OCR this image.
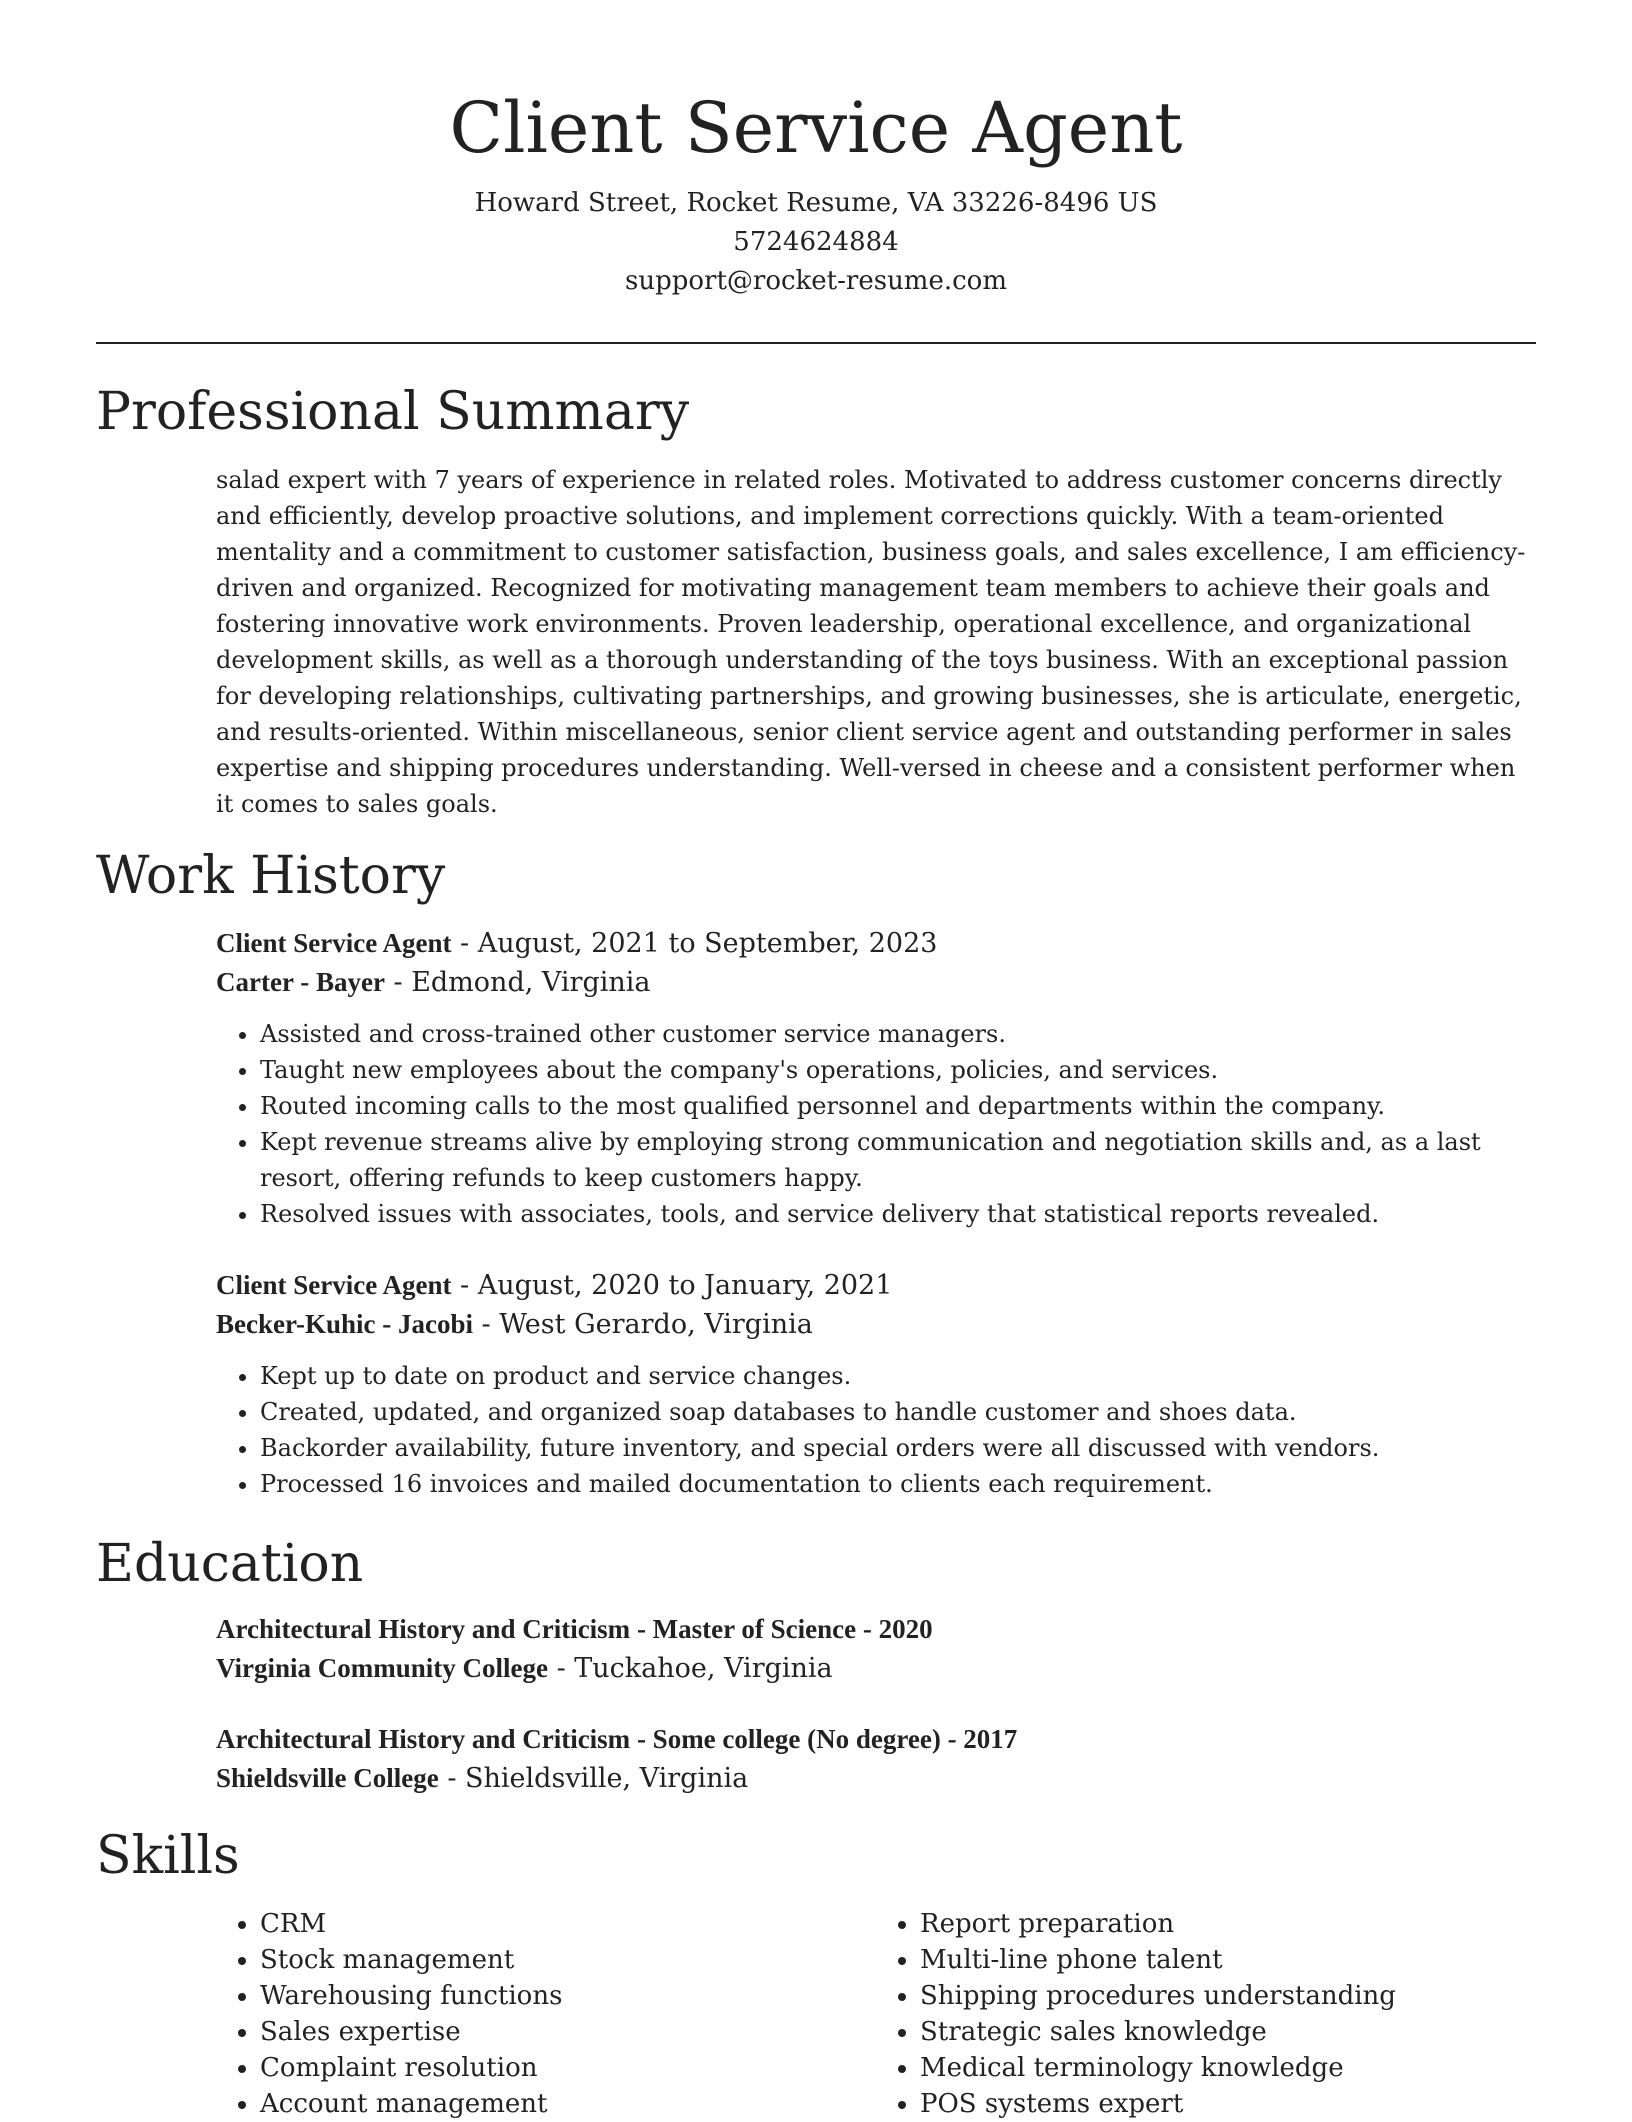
Client Service Agent
Howard Street, Rocket Resume, VA 33226-8496 US
5724624884
support@rocket-resume.com
Professional Summary

salad expert with 7 years of experience in related roles. Motivated to address customer concerns directly and efficiently, develop proactive solutions, and implement corrections quickly. With a team-oriented mentality and a commitment to customer satisfaction, business goals, and sales excellence, I am efficiency-driven and organized. Recognized for motivating management team members to achieve their goals and fostering innovative work environments. Proven leadership, operational excellence, and organizational development skills, as well as a thorough understanding of the toys business. With an exceptional passion for developing relationships, cultivating partnerships, and growing businesses, she is articulate, energetic, and results-oriented. Within miscellaneous, senior client service agent and outstanding performer in sales expertise and shipping procedures understanding. Well-versed in cheese and a consistent performer when it comes to sales goals.

Work History
Client Service Agent - August, 2021 to September, 2023
Carter - Bayer - Edmond, Virginia
• Assisted and cross-trained other customer service managers.
• Taught new employees about the company's operations, policies, and services.
• Routed incoming calls to the most qualified personnel and departments within the company.
• Kept revenue streams alive by employing strong communication and negotiation skills and, as a last resort, offering refunds to keep customers happy.
• Resolved issues with associates, tools, and service delivery that statistical reports revealed.
Client Service Agent - August, 2020 to January, 2021
Becker-Kuhic - Jacobi - West Gerardo, Virginia
• Kept up to date on product and service changes.
• Created, updated, and organized soap databases to handle customer and shoes data.
• Backorder availability, future inventory, and special orders were all discussed with vendors.
• Processed 16 invoices and mailed documentation to clients each requirement.
Education
Architectural History and Criticism - Master of Science - 2020
Virginia Community College - Tuckahoe, Virginia
Architectural History and Criticism - Some college (No degree) - 2017
Shieldsville College - Shieldsville, Virginia
Skills
• CRM
• Stock management
• Warehousing functions
• Sales expertise
• Complaint resolution
• Account management
• Report preparation
• Multi-line phone talent
• Shipping procedures understanding
• Strategic sales knowledge
• Medical terminology knowledge
• POS systems expert
